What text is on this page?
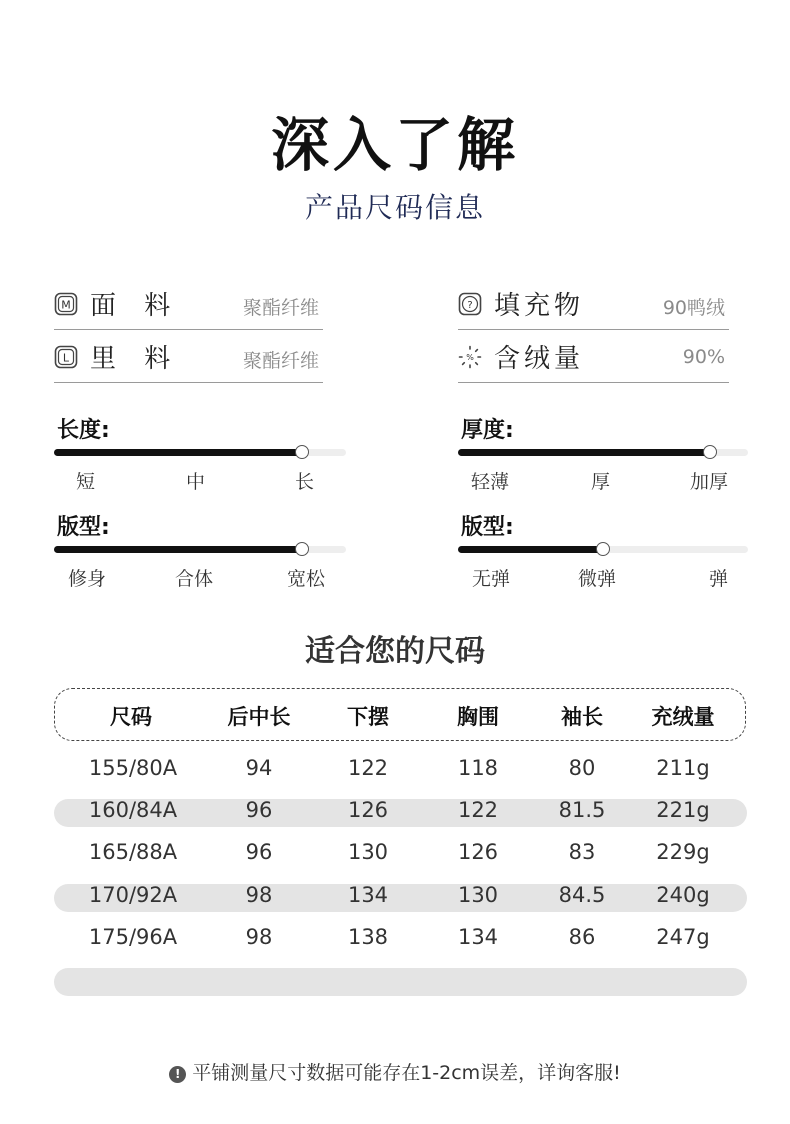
深入了解
产品尺码信息
M 面 料	聚酯纤维
L 里 料	聚酯纤维
? 填充物	90鸭绒
% 含绒量	90%
长度:
短	中	长
厚度:
轻薄	厚	加厚
版型:
修身	合体	宽松
版型:
无弹	微弹	弹
适合您的尺码
尺码	后中长	下摆	胸围	袖长 充绒量
155/80A	94	122	118	80	211g
160/84A	96	126	122	81.5 221g
165/88A	96	130	126	83	229g
170/92A	98	134	130	84.5 240g
175/96A	98	138	134	86	247g
! 平铺测量尺寸数据可能存在1-2cm误差，详询客服!
